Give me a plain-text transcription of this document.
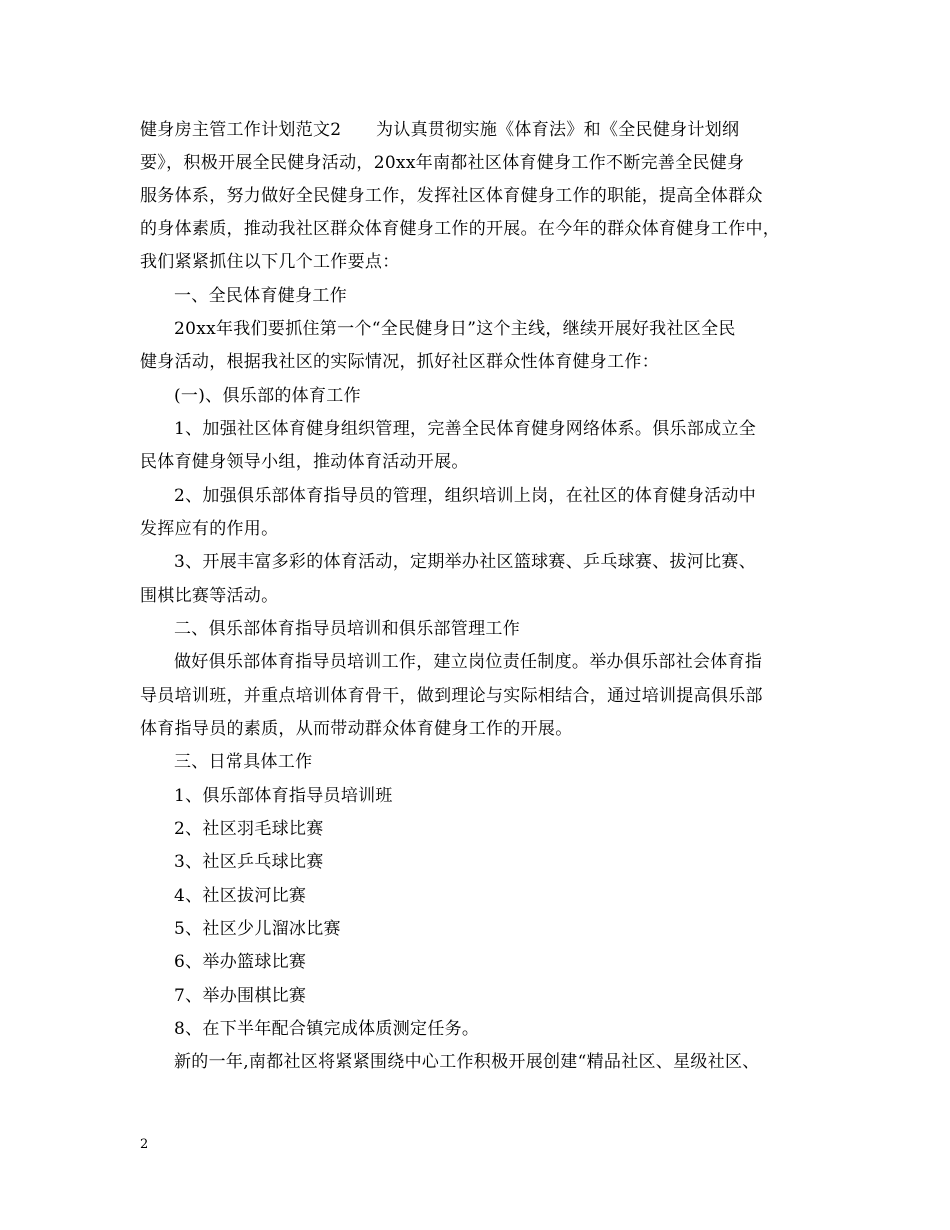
健身房主管工作计划范文2　　为认真贯彻实施《体育法》和《全民健身计划纲
要》，积极开展全民健身活动，20xx年南都社区体育健身工作不断完善全民健身
服务体系，努力做好全民健身工作，发挥社区体育健身工作的职能，提高全体群众
的身体素质，推动我社区群众体育健身工作的开展。在今年的群众体育健身工作中，
我们紧紧抓住以下几个工作要点：
一、全民体育健身工作
20xx年我们要抓住第一个“全民健身日”这个主线，继续开展好我社区全民
健身活动，根据我社区的实际情况，抓好社区群众性体育健身工作：
(一)、俱乐部的体育工作
1、加强社区体育健身组织管理，完善全民体育健身网络体系。俱乐部成立全
民体育健身领导小组，推动体育活动开展。
2、加强俱乐部体育指导员的管理，组织培训上岗，在社区的体育健身活动中
发挥应有的作用。
3、开展丰富多彩的体育活动，定期举办社区篮球赛、乒乓球赛、拔河比赛、
围棋比赛等活动。
二、俱乐部体育指导员培训和俱乐部管理工作
做好俱乐部体育指导员培训工作，建立岗位责任制度。举办俱乐部社会体育指
导员培训班，并重点培训体育骨干，做到理论与实际相结合，通过培训提高俱乐部
体育指导员的素质，从而带动群众体育健身工作的开展。
三、日常具体工作
1、俱乐部体育指导员培训班
2、社区羽毛球比赛
3、社区乒乓球比赛
4、社区拔河比赛
5、社区少儿溜冰比赛
6、举办篮球比赛
7、举办围棋比赛
8、在下半年配合镇完成体质测定任务。
新的一年,南都社区将紧紧围绕中心工作积极开展创建“精品社区、星级社区、
2
